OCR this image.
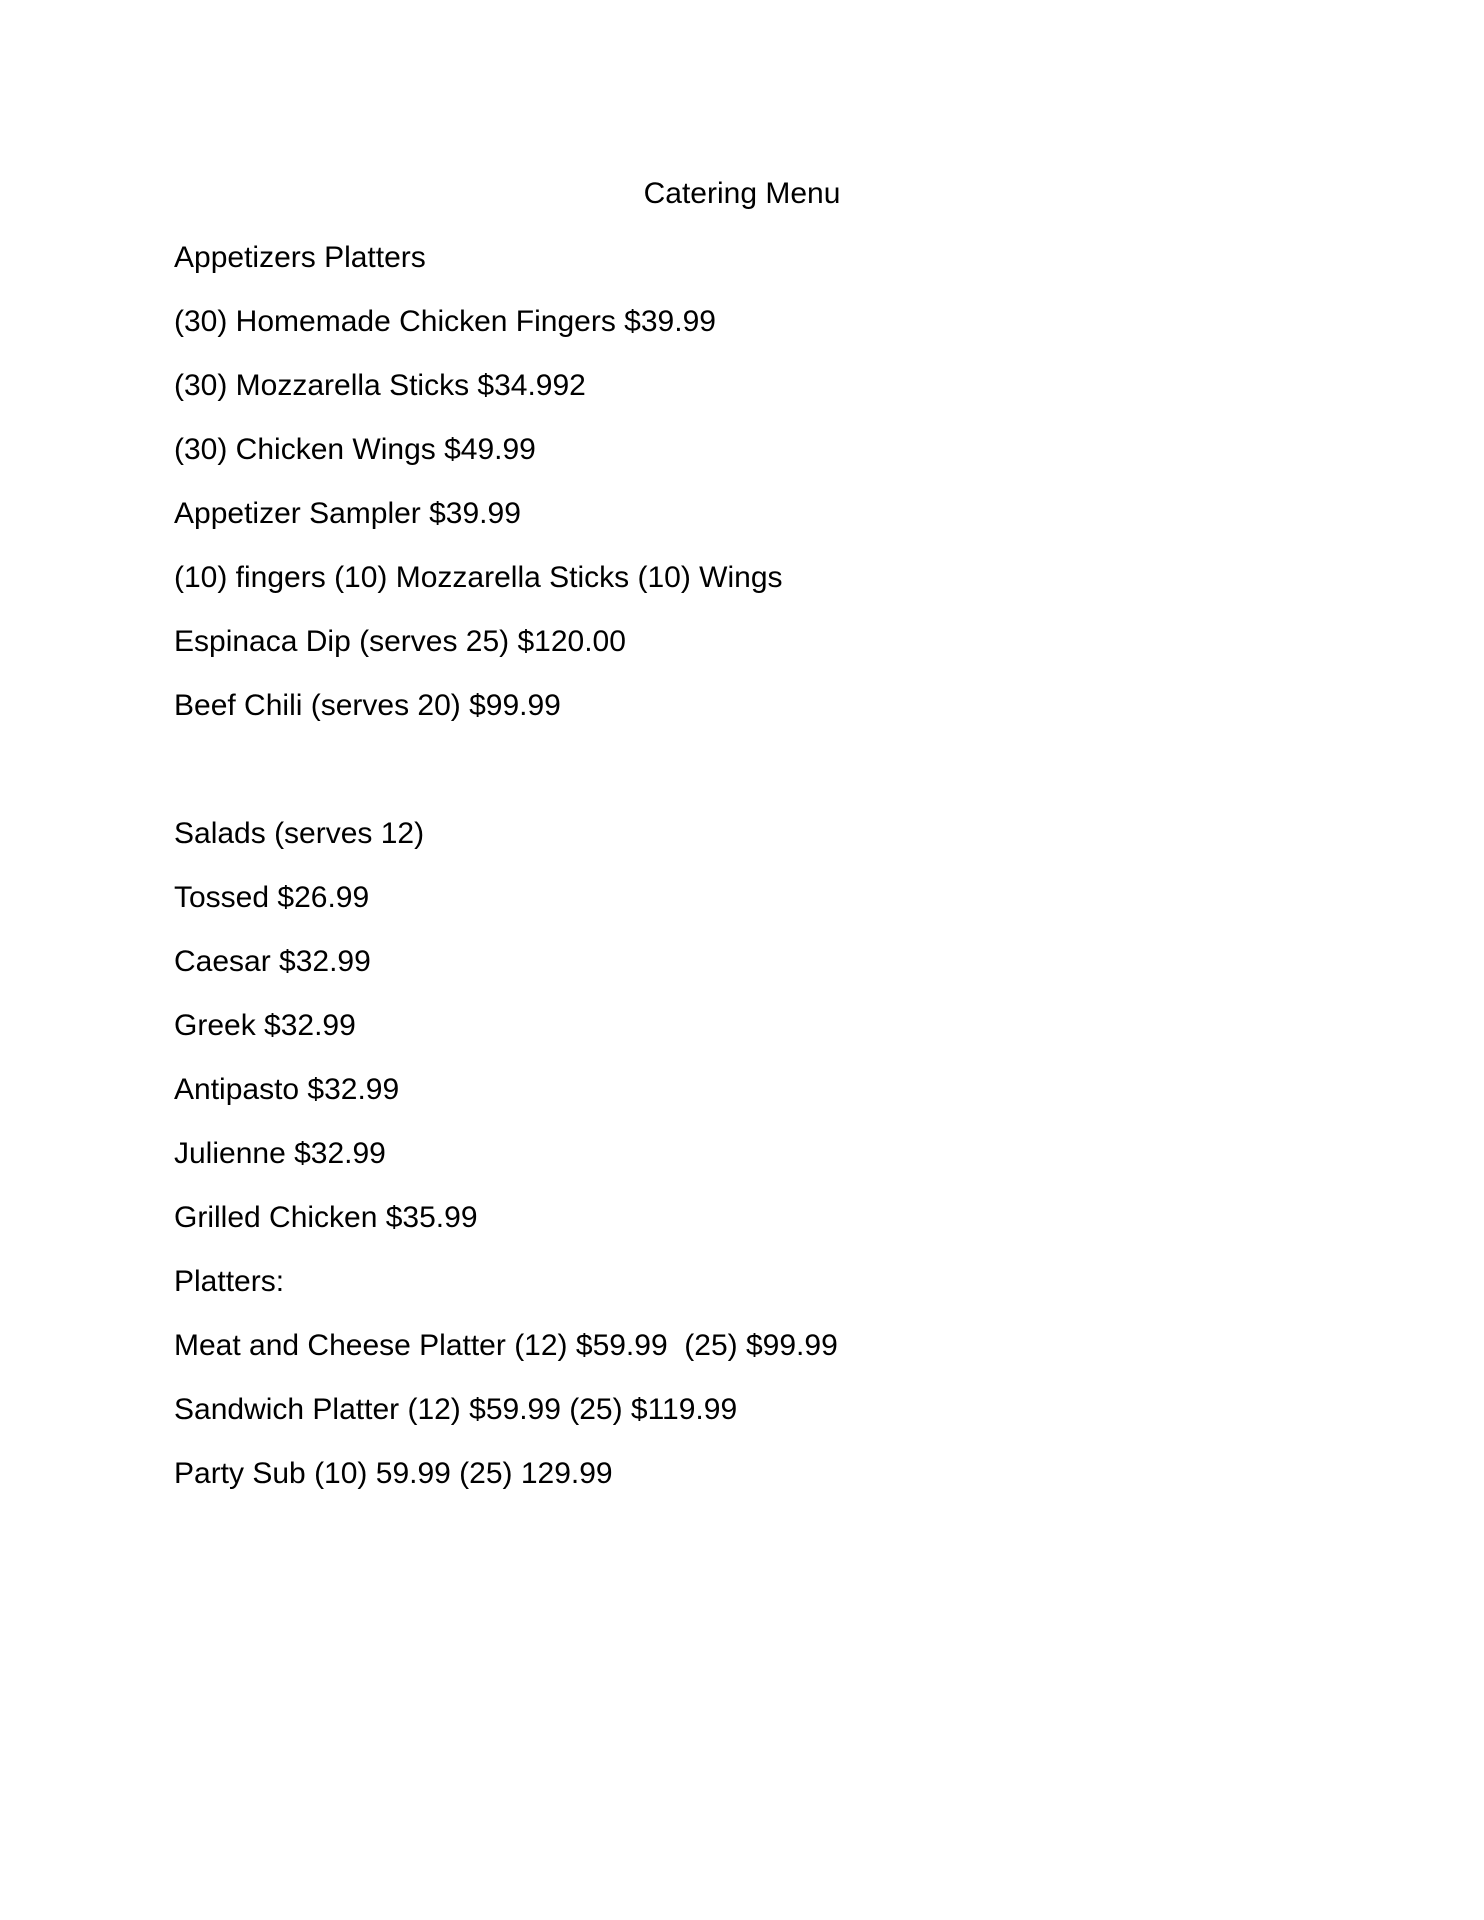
Catering Menu
Appetizers Platters
(30) Homemade Chicken Fingers $39.99
(30) Mozzarella Sticks $34.992
(30) Chicken Wings $49.99
Appetizer Sampler $39.99
(10) fingers (10) Mozzarella Sticks (10) Wings
Espinaca Dip (serves 25) $120.00
Beef Chili (serves 20) $99.99
Salads (serves 12)
Tossed $26.99
Caesar $32.99
Greek $32.99
Antipasto $32.99
Julienne $32.99
Grilled Chicken $35.99
Platters:
Meat and Cheese Platter (12) $59.99  (25) $99.99
Sandwich Platter (12) $59.99 (25) $119.99
Party Sub (10) 59.99 (25) 129.99
